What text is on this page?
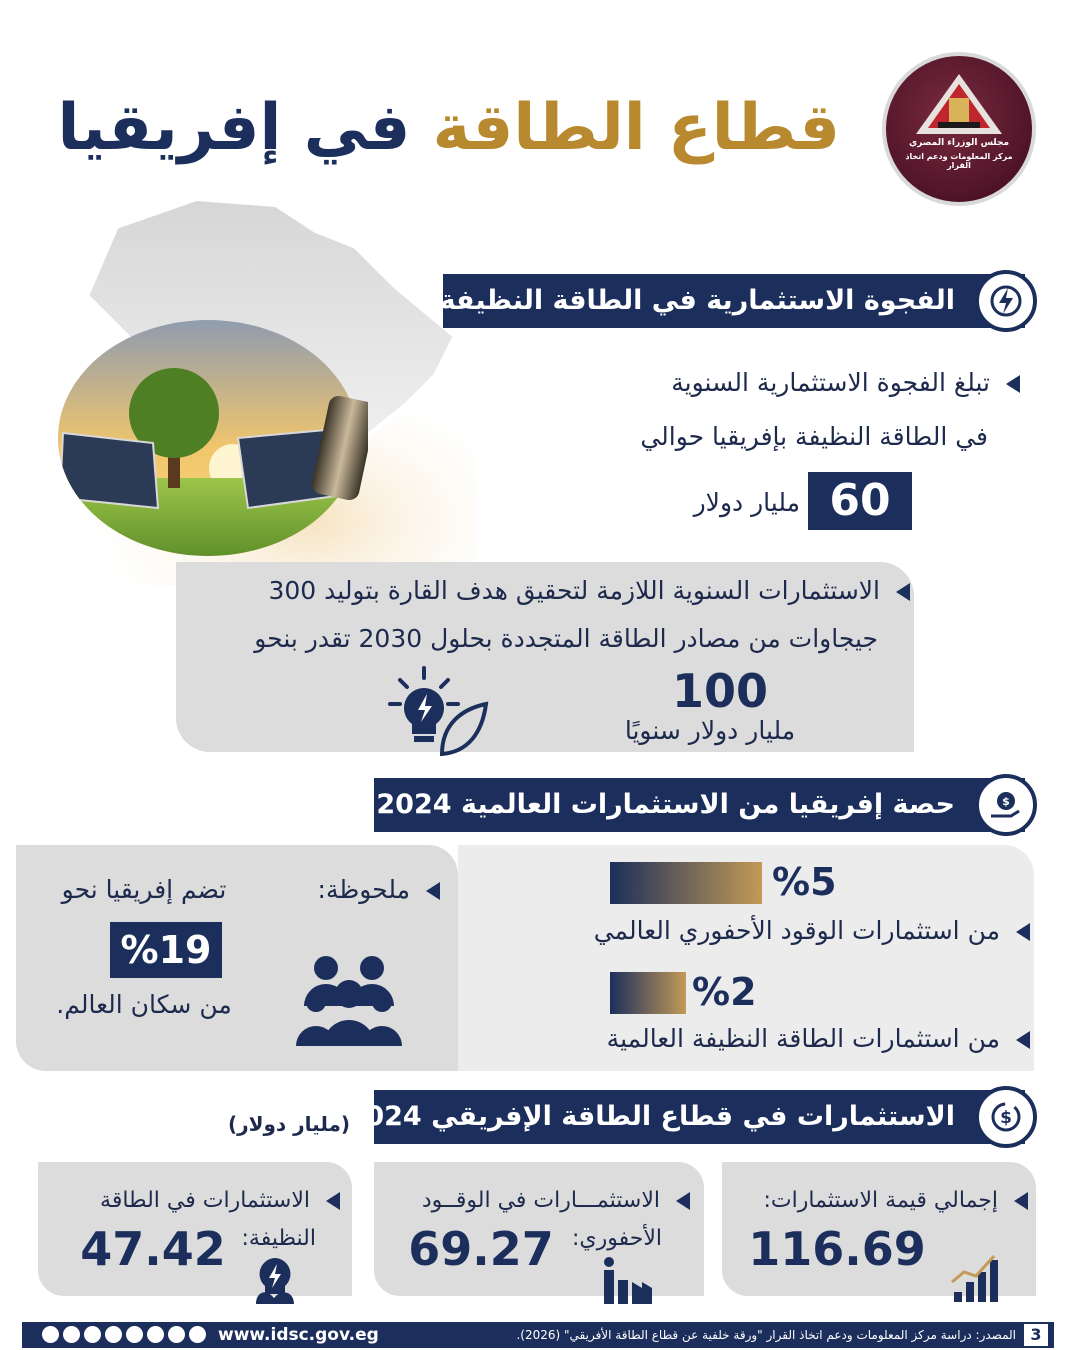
قطاع الطاقة في إفريقيا	مجلس الوزراء المصري
مركز المعلومات ودعم اتخاذ القرار
الفجوة الاستثمارية في الطاقة النظيفة
تبلغ الفجوة الاستثمارية السنوية
في الطاقة النظيفة بإفريقيا حوالي
60
مليار دولار
الاستثمارات السنوية اللازمة لتحقيق هدف القارة بتوليد 300
جيجاوات من مصادر الطاقة المتجددة بحلول 2030 تقدر بنحو
100
مليار دولار سنويًا
حصة إفريقيا من الاستثمارات العالمية 2024	$
%5
من استثمارات الوقود الأحفوري العالمي
%2
من استثمارات الطاقة النظيفة العالمية
ملحوظة:
تضم إفريقيا نحو
%19
من سكان العالم.
الاستثمارات في قطاع الطاقة الإفريقي 2024	$
(مليار دولار)
إجمالي قيمة الاستثمارات:
116.69
الاستثمـــارات في الوقــود
الأحفوري:
69.27
الاستثمارات في الطاقة
النظيفة:
47.42
3
المصدر: دراسة مركز المعلومات ودعم اتخاذ القرار "ورقة خلفية عن قطاع الطاقة الأفريقي" (2026).
www.idsc.gov.eg
